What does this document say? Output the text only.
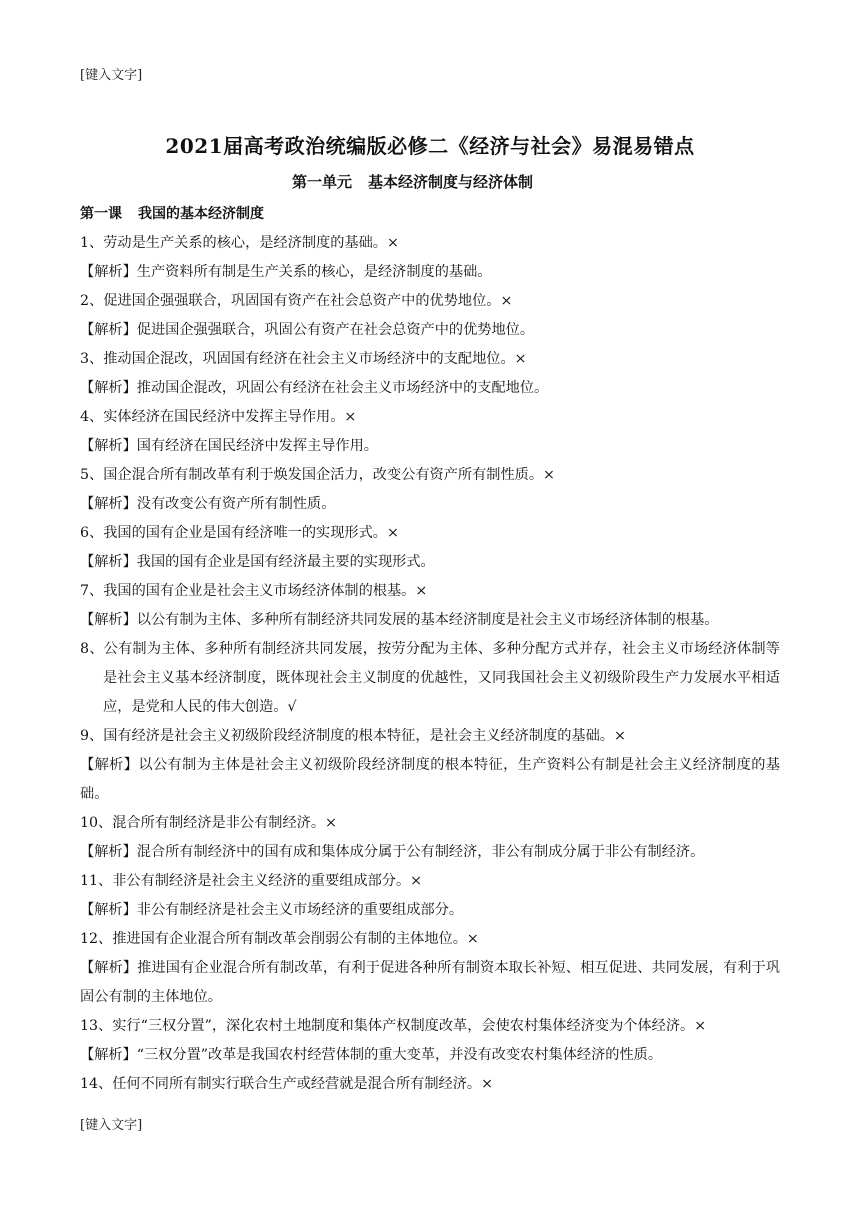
[键入文字]
2021届高考政治统编版必修二《经济与社会》易混易错点
第一单元 基本经济制度与经济体制
第一课 我国的基本经济制度
1、劳动是生产关系的核心，是经济制度的基础。×
【解析】生产资料所有制是生产关系的核心，是经济制度的基础。
2、促进国企强强联合，巩固国有资产在社会总资产中的优势地位。×
【解析】促进国企强强联合，巩固公有资产在社会总资产中的优势地位。
3、推动国企混改，巩固国有经济在社会主义市场经济中的支配地位。×
【解析】推动国企混改，巩固公有经济在社会主义市场经济中的支配地位。
4、实体经济在国民经济中发挥主导作用。×
【解析】国有经济在国民经济中发挥主导作用。
5、国企混合所有制改革有利于焕发国企活力，改变公有资产所有制性质。×
【解析】没有改变公有资产所有制性质。
6、我国的国有企业是国有经济唯一的实现形式。×
【解析】我国的国有企业是国有经济最主要的实现形式。
7、我国的国有企业是社会主义市场经济体制的根基。×
【解析】以公有制为主体、多种所有制经济共同发展的基本经济制度是社会主义市场经济体制的根基。
8、公有制为主体、多种所有制经济共同发展，按劳分配为主体、多种分配方式并存，社会主义市场经济体制等是社会主义基本经济制度，既体现社会主义制度的优越性，又同我国社会主义初级阶段生产力发展水平相适应，是党和人民的伟大创造。√
9、国有经济是社会主义初级阶段经济制度的根本特征，是社会主义经济制度的基础。×
【解析】以公有制为主体是社会主义初级阶段经济制度的根本特征，生产资料公有制是社会主义经济制度的基础。
10、混合所有制经济是非公有制经济。×
【解析】混合所有制经济中的国有成和集体成分属于公有制经济，非公有制成分属于非公有制经济。
11、非公有制经济是社会主义经济的重要组成部分。×
【解析】非公有制经济是社会主义市场经济的重要组成部分。
12、推进国有企业混合所有制改革会削弱公有制的主体地位。×
【解析】推进国有企业混合所有制改革，有利于促进各种所有制资本取长补短、相互促进、共同发展，有利于巩固公有制的主体地位。
13、实行“三权分置”，深化农村土地制度和集体产权制度改革，会使农村集体经济变为个体经济。×
【解析】“三权分置”改革是我国农村经营体制的重大变革，并没有改变农村集体经济的性质。
14、任何不同所有制实行联合生产或经营就是混合所有制经济。×
[键入文字]
